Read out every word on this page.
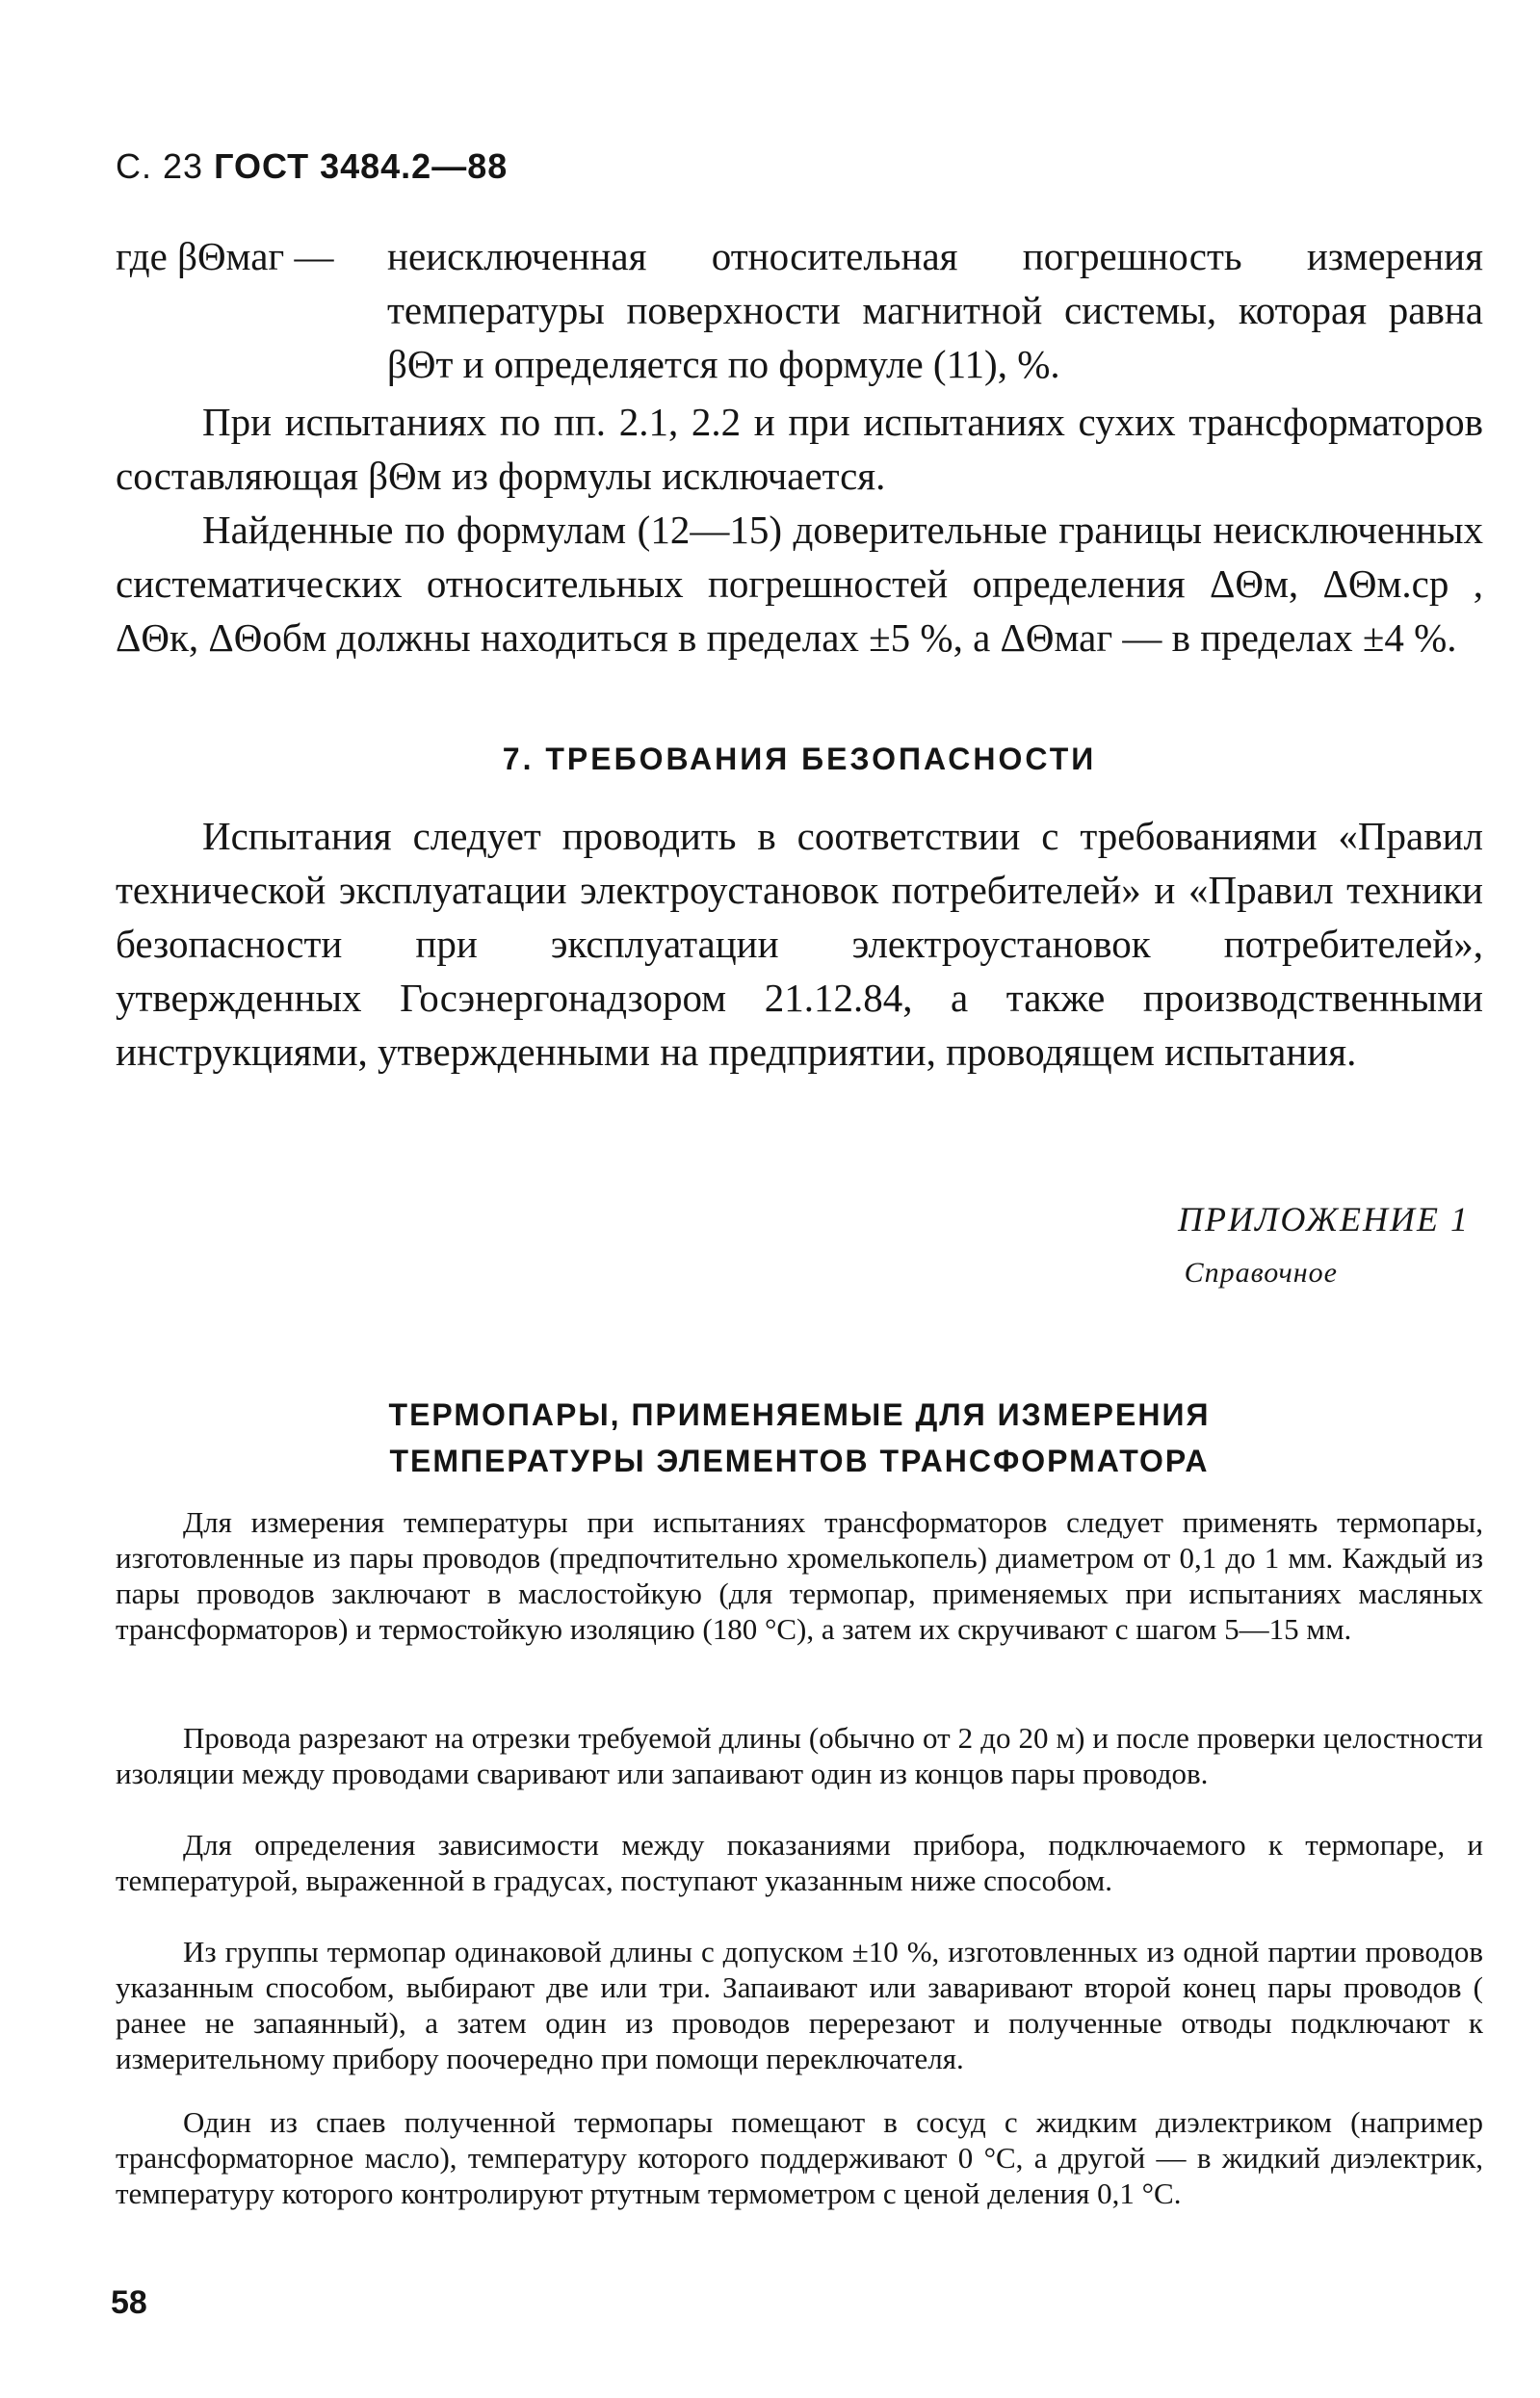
С. 23 ГОСТ 3484.2—88
где βΘмаг — неисключенная относительная погрешность измерения температуры поверхности магнитной системы, которая равна βΘт и определяется по формуле (11), %.

При испытаниях по пп. 2.1, 2.2 и при испытаниях сухих трансформаторов составляющая βΘм из формулы исключается.

Найденные по формулам (12—15) доверительные границы неисключенных систематических относительных погрешностей определения ΔΘм, ΔΘм.ср , ΔΘк, ΔΘобм должны находиться в пределах ±5 %, а ΔΘмаг — в пределах ±4 %.

7. ТРЕБОВАНИЯ БЕЗОПАСНОСТИ

Испытания следует проводить в соответствии с требованиями «Правил технической эксплуатации электроустановок потребителей» и «Правил техники безопасности при эксплуатации электроустановок потребителей», утвержденных Госэнергонадзором 21.12.84, а также производственными инструкциями, утвержденными на предприятии, проводящем испытания.

ПРИЛОЖЕНИЕ 1
Справочное
ТЕРМОПАРЫ, ПРИМЕНЯЕМЫЕ ДЛЯ ИЗМЕРЕНИЯ
ТЕМПЕРАТУРЫ ЭЛЕМЕНТОВ ТРАНСФОРМАТОРА

Для измерения температуры при испытаниях трансформаторов следует применять термопары, изготовленные из пары проводов (предпочтительно хромелькопель) диаметром от 0,1 до 1 мм. Каждый из пары проводов заключают в маслостойкую (для термопар, применяемых при испытаниях масляных трансформаторов) и термостойкую изоляцию (180 °С), а затем их скручивают с шагом 5—15 мм.

Провода разрезают на отрезки требуемой длины (обычно от 2 до 20 м) и после проверки целостности изоляции между проводами сваривают или запаивают один из концов пары проводов.

Для определения зависимости между показаниями прибора, подключаемого к термопаре, и температурой, выраженной в градусах, поступают указанным ниже способом.

Из группы термопар одинаковой длины с допуском ±10 %, изготовленных из одной партии проводов указанным способом, выбирают две или три. Запаивают или заваривают второй конец пары проводов ( ранее не запаянный), а затем один из проводов перерезают и полученные отводы подключают к измерительному прибору поочередно при помощи переключателя.

Один из спаев полученной термопары помещают в сосуд с жидким диэлектриком (например трансформаторное масло), температуру которого поддерживают 0 °С, а другой — в жидкий диэлектрик, температуру которого контролируют ртутным термометром с ценой деления 0,1 °С.

58
